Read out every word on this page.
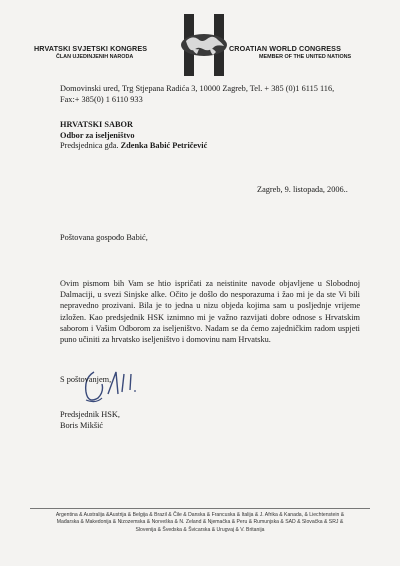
HRVATSKI SVJETSKI KONGRES
ČLAN UJEDINJENIH NARODA
CROATIAN WORLD CONGRESS
MEMBER OF THE UNITED NATIONS
Domovinski ured, Trg Stjepana Radića 3, 10000 Zagreb, Tel. + 385 (0)1 6115 116,
Fax:+ 385(0) 1 6110 933
HRVATSKI SABOR
Odbor za iseljeništvo
Predsjednica gđa. Zdenka Babić Petričević
Zagreb, 9. listopada, 2006..
Poštovana gospođo Babić,
Ovim pismom bih Vam se htio ispričati za neistinite navode objavljene u Slobodnoj Dalmaciji, u svezi Sinjske alke. Očito je došlo do nesporazuma i žao mi je da ste Vi bili nepravedno prozivani. Bila je to jedna u nizu objeda kojima sam u posljednje vrijeme izložen. Kao predsjednik HSK iznimno mi je važno razvijati dobre odnose s Hrvatskim saborom i Vašim Odborom za iseljeništvo. Nadam se da ćemo zajedničkim radom uspjeti puno učiniti za hrvatsko iseljeništvo i domovinu nam Hrvatsku.
S poštovanjem,
Predsjednik HSK,
Boris Mikšić
Argentina & Australija &Austrija & Belgija & Brazil & Čile & Danska & Francuska & Italija & J. Afrika & Kanada, & Liechtenstein &
Mađarska & Makedonija & Nizozemska & Norveška & N. Zeland & Njemačka & Peru & Rumunjska & SAD & Slovačka & SRJ &
Slovenija & Švedska & Švicarska & Urugvaj & V. Britanija
